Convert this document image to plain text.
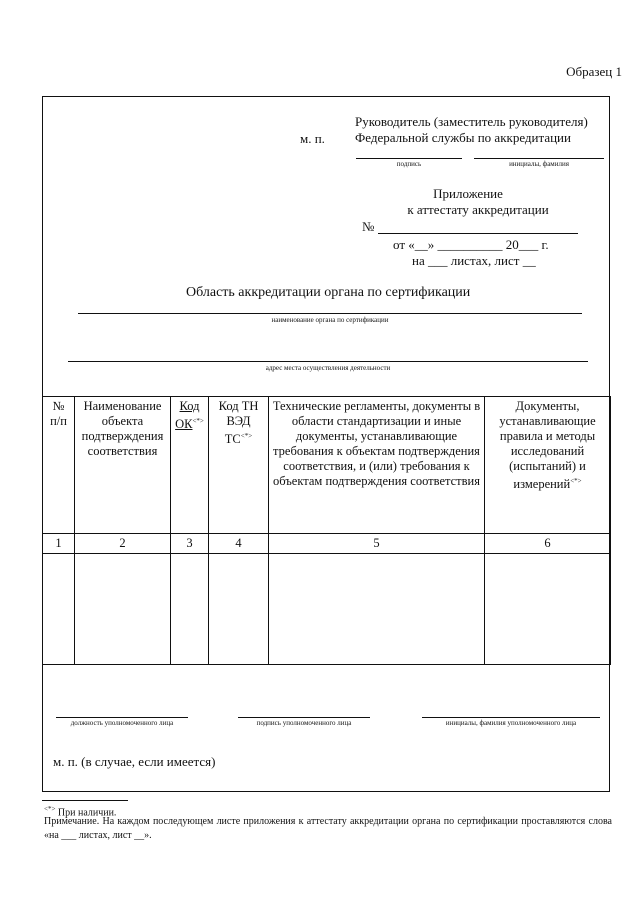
Образец 1
м. п.
Руководитель (заместитель руководителя)
Федеральной службы по аккредитации
подпись	инициалы, фамилия
Приложение
к аттестату аккредитации
№
от «__» __________ 20___ г.
на ___ листах, лист __
Область аккредитации органа по сертификации
наименование органа по сертификации
адрес места осуществления деятельности
№ п/п	Наименование объекта подтверждения соответствия	Код ОК<*>	Код ТН ВЭД ТС<*>	Технические регламенты, документы в области стандартизации и иные документы, устанавливающие требования к объектам подтверждения соответствия, и (или) требования к объектам подтверждения соответствия	Документы, устанавливающие правила и методы исследований (испытаний) и измерений<*>
1	2	3	4	5	6

должность уполномоченного лица	подпись уполномоченного лица	инициалы, фамилия уполномоченного лица
м. п. (в случае, если имеется)
<*> При наличии.
Примечание. На каждом последующем листе приложения к аттестату аккредитации органа по сертификации проставляются слова «на ___ листах, лист __».
